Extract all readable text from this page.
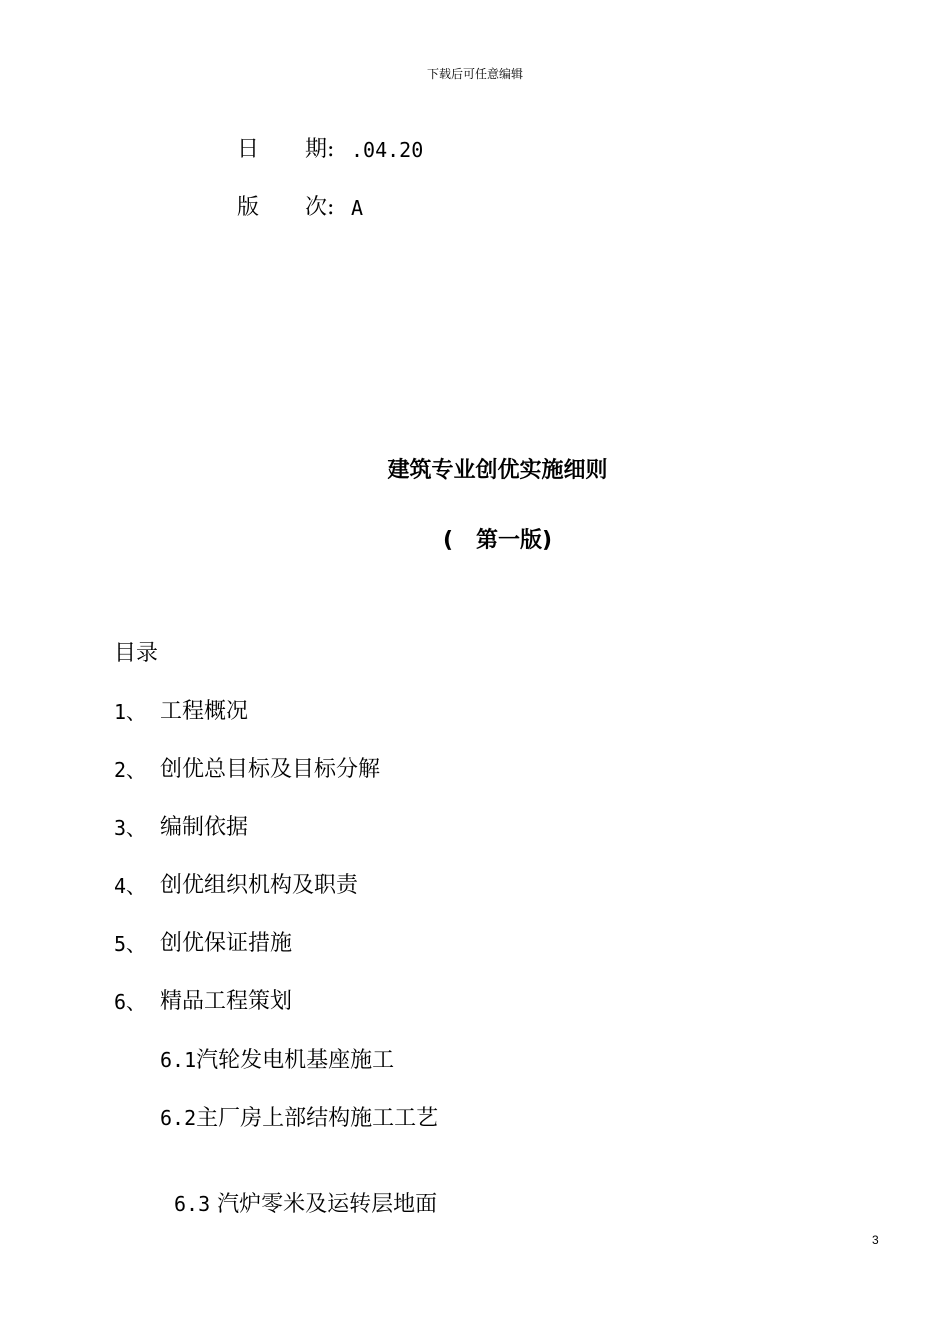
下载后可任意编辑
日 期: .04.20
版 次: A
建筑专业创优实施细则
(   第一版)
目录
1、 工程概况
2、 创优总目标及目标分解
3、 编制依据
4、 创优组织机构及职责
5、 创优保证措施
6、 精品工程策划
6.1汽轮发电机基座施工
6.2主厂房上部结构施工工艺

6.3 汽炉零米及运转层地面

3
